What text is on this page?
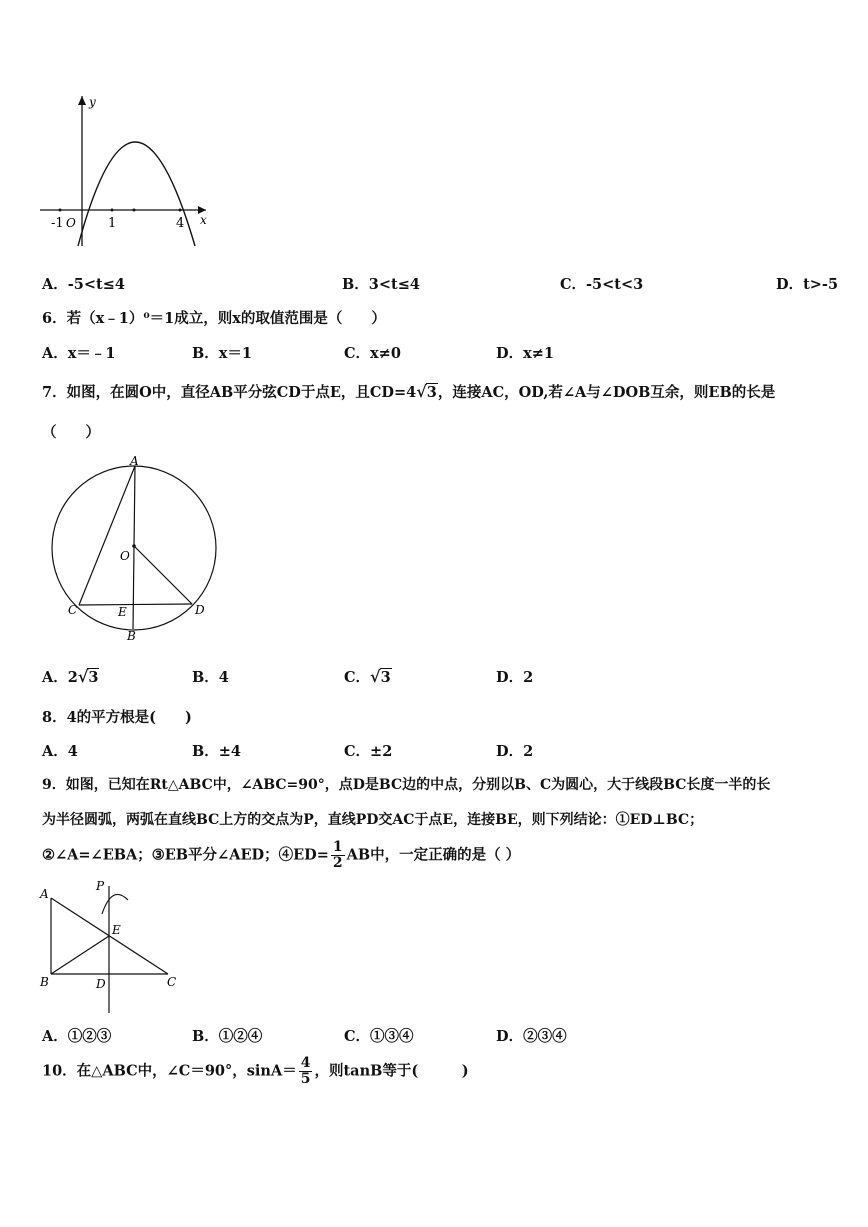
y
x
-1 O 1	4
A．-5<t≤4	B．3<t≤4	C．-5<t<3	D．t>-5
6．若（x﹣1）⁰＝1成立，则x的取值范围是（　　）
A．x＝﹣1	B．x＝1	C．x≠0	D．x≠1
7．如图，在圆O中，直径AB平分弦CD于点E，且CD=4√3，连接AC，OD,若∠A与∠DOB互余，则EB的长是
（　　）
A
O
C	E	D
B
A．2√3	B．4	C．√3	D．2
8．4的平方根是(　　)
A．4	B．±4	C．±2	D．2
9．如图，已知在Rt△ABC中，∠ABC=90°，点D是BC边的中点，分别以B、C为圆心，大于线段BC长度一半的长
为半径圆弧，两弧在直线BC上方的交点为P，直线PD交AC于点E，连接BE，则下列结论：①ED⊥BC；
②∠A=∠EBA；③EB平分∠AED；④ED= $\frac{1}{2}$ AB中，一定正确的是（ ）
A
P
E
B	D	C
A．①②③	B．①②④	C．①③④	D．②③④
10．在△ABC中，∠C＝90°，$\sin A= \frac{4}{5}$ ，则tanB等于(　　　)
